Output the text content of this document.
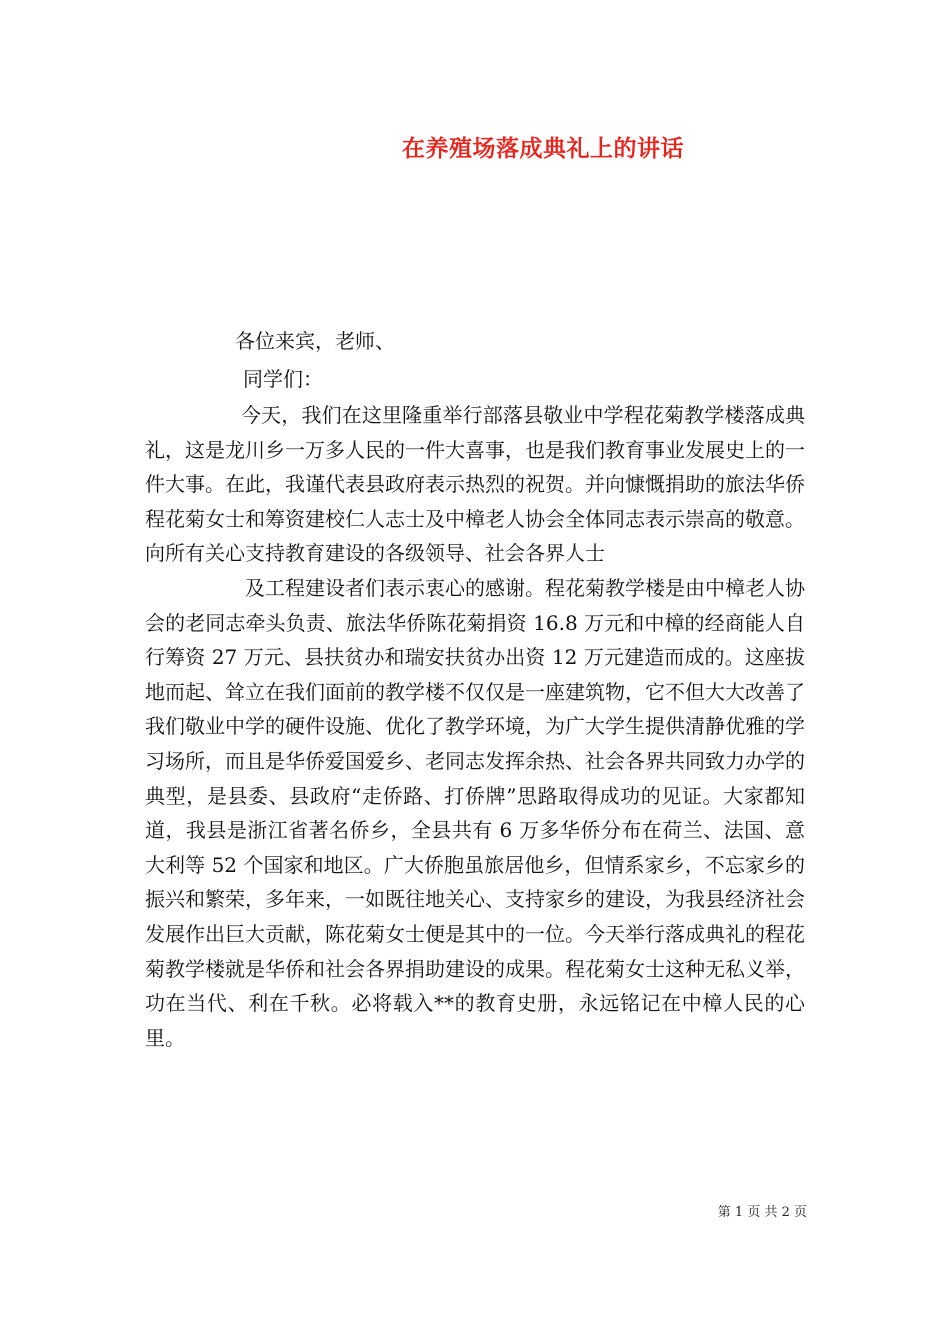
在养殖场落成典礼上的讲话
各位来宾，老师、
同学们：

今天，我们在这里隆重举行部落县敬业中学程花菊教学楼落成典礼，这是龙川乡一万多人民的一件大喜事，也是我们教育事业发展史上的一件大事。在此，我谨代表县政府表示热烈的祝贺。并向慷慨捐助的旅法华侨程花菊女士和筹资建校仁人志士及中樟老人协会全体同志表示崇高的敬意。向所有关心支持教育建设的各级领导、社会各界人士

及工程建设者们表示衷心的感谢。程花菊教学楼是由中樟老人协会的老同志牵头负责、旅法华侨陈花菊捐资 16.8 万元和中樟的经商能人自行筹资 27 万元、县扶贫办和瑞安扶贫办出资 12 万元建造而成的。这座拔地而起、耸立在我们面前的教学楼不仅仅是一座建筑物，它不但大大改善了我们敬业中学的硬件设施、优化了教学环境，为广大学生提供清静优雅的学习场所，而且是华侨爱国爱乡、老同志发挥余热、社会各界共同致力办学的典型，是县委、县政府“走侨路、打侨牌”思路取得成功的见证。大家都知道，我县是浙江省著名侨乡，全县共有 6 万多华侨分布在荷兰、法国、意大利等 52 个国家和地区。广大侨胞虽旅居他乡，但情系家乡，不忘家乡的振兴和繁荣，多年来，一如既往地关心、支持家乡的建设，为我县经济社会发展作出巨大贡献，陈花菊女士便是其中的一位。今天举行落成典礼的程花菊教学楼就是华侨和社会各界捐助建设的成果。程花菊女士这种无私义举，功在当代、利在千秋。必将载入**的教育史册，永远铭记在中樟人民的心里。

第 1 页 共 2 页
